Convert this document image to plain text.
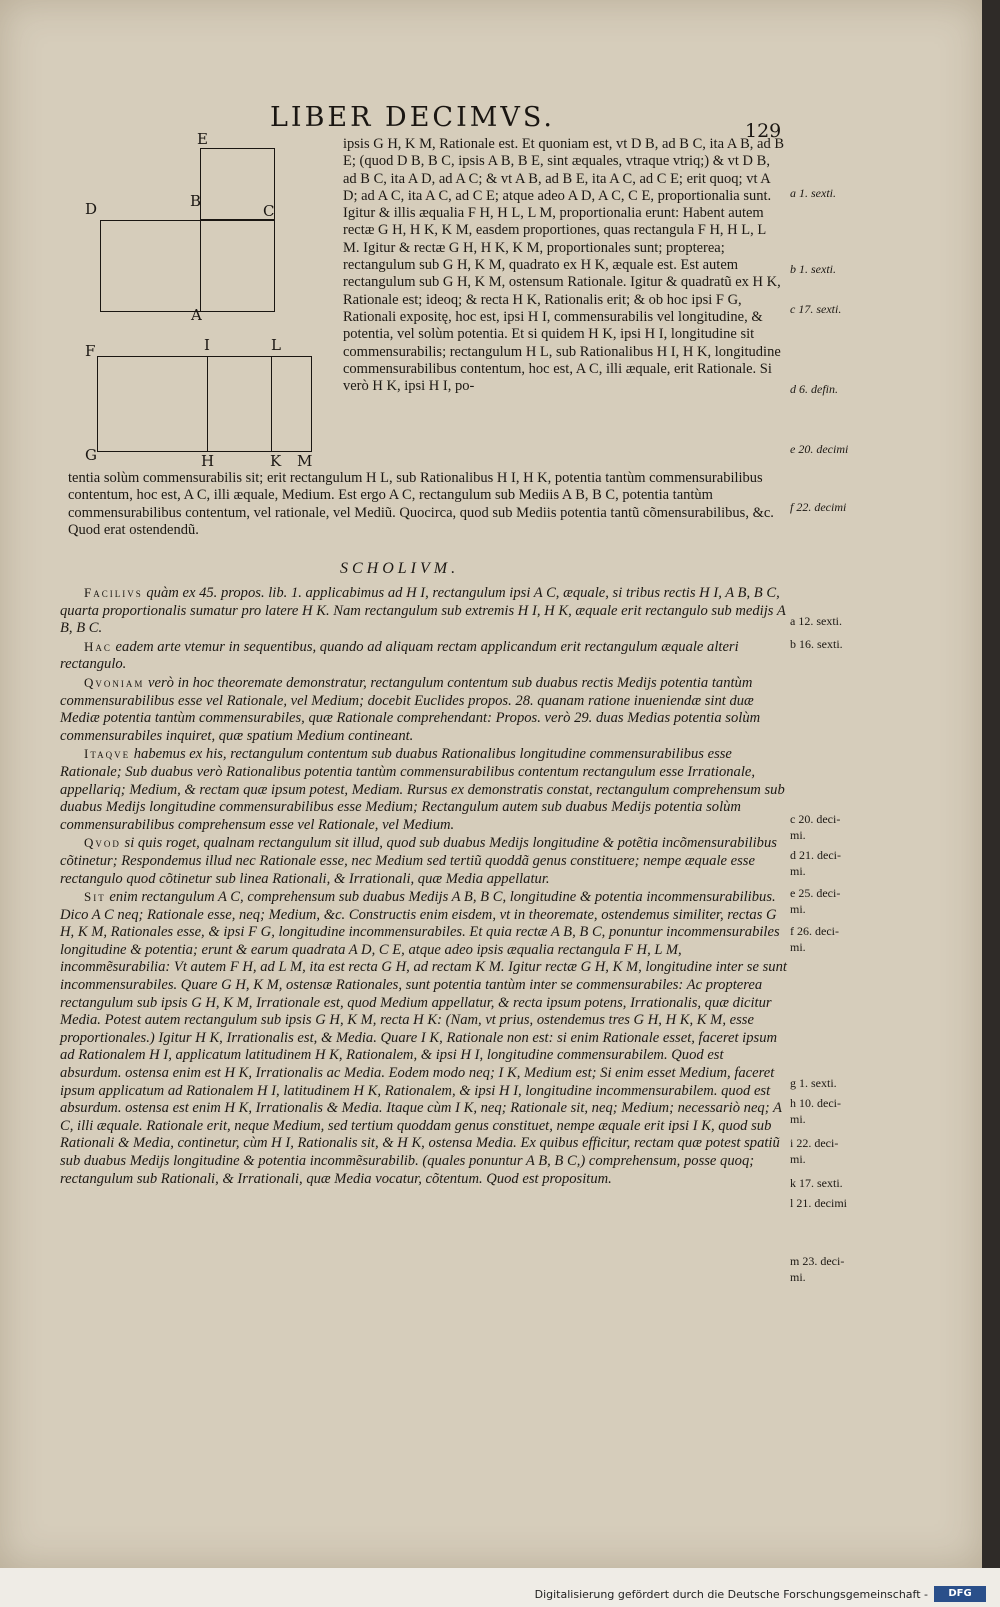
LIBER DECIMVS.	129
E
D	B
C
A
F	I	L
G	H	K M

ipsis G H, K M, Rationale est. Et quoniam est, vt D B, ad B C, ita A B, ad B E; (quod D B, B C, ipsis A B, B E, sint æquales, vtraque vtriq;) & vt D B, ad B C, ita A D, ad A C; & vt A B, ad B E, ita A C, ad C E; erit quoq; vt A D; ad A C, ita A C, ad C E; atque adeo A D, A C, C E, proportionalia sunt. Igitur & illis æqualia F H, H L, L M, proportionalia erunt: Habent autem rectæ G H, H K, K M, easdem proportiones, quas rectangula F H, H L, L M. Igitur & rectæ G H, H K, K M, proportionales sunt; propterea; rectangulum sub G H, K M, quadrato ex H K, æquale est. Est autem rectangulum sub G H, K M, ostensum Rationale. Igitur & quadratũ ex H K, Rationale est; ideoq; & recta H K, Rationalis erit; & ob hoc ipsi F G, Rationali expositę, hoc est, ipsi H I, commensurabilis vel longitudine, & potentia, vel solùm potentia. Et si quidem H K, ipsi H I, longitudine sit commensurabilis; rectangulum H L, sub Rationalibus H I, H K, longitudine commensurabilibus contentum, hoc est, A C, illi æquale, erit Rationale. Si verò H K, ipsi H I, po-

tentia solùm commensurabilis sit; erit rectangulum H L, sub Rationalibus H I, H K, potentia tantùm commensurabilibus contentum, hoc est, A C, illi æquale, Medium. Est ergo A C, rectangulum sub Mediis A B, B C, potentia tantùm commensurabilibus contentum, vel rationale, vel Mediũ. Quocirca, quod sub Mediis potentia tantũ cõmensurabilibus, &c. Quod erat ostendendũ.

SCHOLIVM.

Facilivs quàm ex 45. propos. lib. 1. applicabimus ad H I, rectangulum ipsi A C, æquale, si tribus rectis H I, A B, B C, quarta proportionalis sumatur pro latere H K. Nam rectangulum sub extremis H I, H K, æquale erit rectangulo sub medijs A B, B C.

Hac eadem arte vtemur in sequentibus, quando ad aliquam rectam applicandum erit rectangulum æquale alteri rectangulo.

Qvoniam verò in hoc theoremate demonstratur, rectangulum contentum sub duabus rectis Medijs potentia tantùm commensurabilibus esse vel Rationale, vel Medium; docebit Euclides propos. 28. quanam ratione inueniendæ sint duæ Mediæ potentia tantùm commensurabiles, quæ Rationale comprehendant: Propos. verò 29. duas Medias potentia solùm commensurabiles inquiret, quæ spatium Medium contineant.

Itaqve habemus ex his, rectangulum contentum sub duabus Rationalibus longitudine commensurabilibus esse Rationale; Sub duabus verò Rationalibus potentia tantùm commensurabilibus contentum rectangulum esse Irrationale, appellariq; Medium, & rectam quæ ipsum potest, Mediam. Rursus ex demonstratis constat, rectangulum comprehensum sub duabus Medijs longitudine commensurabilibus esse Medium; Rectangulum autem sub duabus Medijs potentia solùm commensurabilibus comprehensum esse vel Rationale, vel Medium.

Qvod si quis roget, qualnam rectangulum sit illud, quod sub duabus Medijs longitudine & potẽtia incõmensurabilibus cõtinetur; Respondemus illud nec Rationale esse, nec Medium sed tertiũ quoddã genus constituere; nempe æquale esse rectangulo quod cõtinetur sub linea Rationali, & Irrationali, quæ Media appellatur.

Sit enim rectangulum A C, comprehensum sub duabus Medijs A B, B C, longitudine & potentia incommensurabilibus. Dico A C neq; Rationale esse, neq; Medium, &c. Constructis enim eisdem, vt in theoremate, ostendemus similiter, rectas G H, K M, Rationales esse, & ipsi F G, longitudine incommensurabiles. Et quia rectæ A B, B C, ponuntur incommensurabiles longitudine & potentia; erunt & earum quadrata A D, C E, atque adeo ipsis æqualia rectangula F H, L M, incommẽsurabilia: Vt autem F H, ad L M, ita est recta G H, ad rectam K M. Igitur rectæ G H, K M, longitudine inter se sunt incommensurabiles. Quare G H, K M, ostensæ Rationales, sunt potentia tantùm inter se commensurabiles: Ac propterea rectangulum sub ipsis G H, K M, Irrationale est, quod Medium appellatur, & recta ipsum potens, Irrationalis, quæ dicitur Media. Potest autem rectangulum sub ipsis G H, K M, recta H K: (Nam, vt prius, ostendemus tres G H, H K, K M, esse proportionales.) Igitur H K, Irrationalis est, & Media. Quare I K, Rationale non est: si enim Rationale esset, faceret ipsum ad Rationalem H I, applicatum latitudinem H K, Rationalem, & ipsi H I, longitudine commensurabilem. Quod est absurdum. ostensa enim est H K, Irrationalis ac Media. Eodem modo neq; I K, Medium est; Si enim esset Medium, faceret ipsum applicatum ad Rationalem H I, latitudinem H K, Rationalem, & ipsi H I, longitudine incommensurabilem. quod est absurdum. ostensa est enim H K, Irrationalis & Media. Itaque cùm I K, neq; Rationale sit, neq; Medium; necessariò neq; A C, illi æquale. Rationale erit, neque Medium, sed tertium quoddam genus constituet, nempe æquale erit ipsi I K, quod sub Rationali & Media, continetur, cùm H I, Rationalis sit, & H K, ostensa Media. Ex quibus efficitur, rectam quæ potest spatiũ sub duabus Medijs longitudine & potentia incommẽsurabilib. (quales ponuntur A B, B C,) comprehensum, posse quoq; rectangulum sub Rationali, & Irrationali, quæ Media vocatur, cõtentum. Quod est propositum.

a 1. sexti.
b 1. sexti.
c 17. sexti.
d 6. defin.
e 20. decimi
f 22. decimi
a 12. sexti.
b 16. sexti.
c 20. deci-
mi.
d 21. deci-
mi.
e 25. deci-
mi.
f 26. deci-
mi.
g 1. sexti.
h 10. deci-
mi.
i 22. deci-
mi.
k 17. sexti.
l 21. decimi
m 23. deci-
mi.
Digitalisierung gefördert durch die Deutsche Forschungsgemeinschaft -	DFG
